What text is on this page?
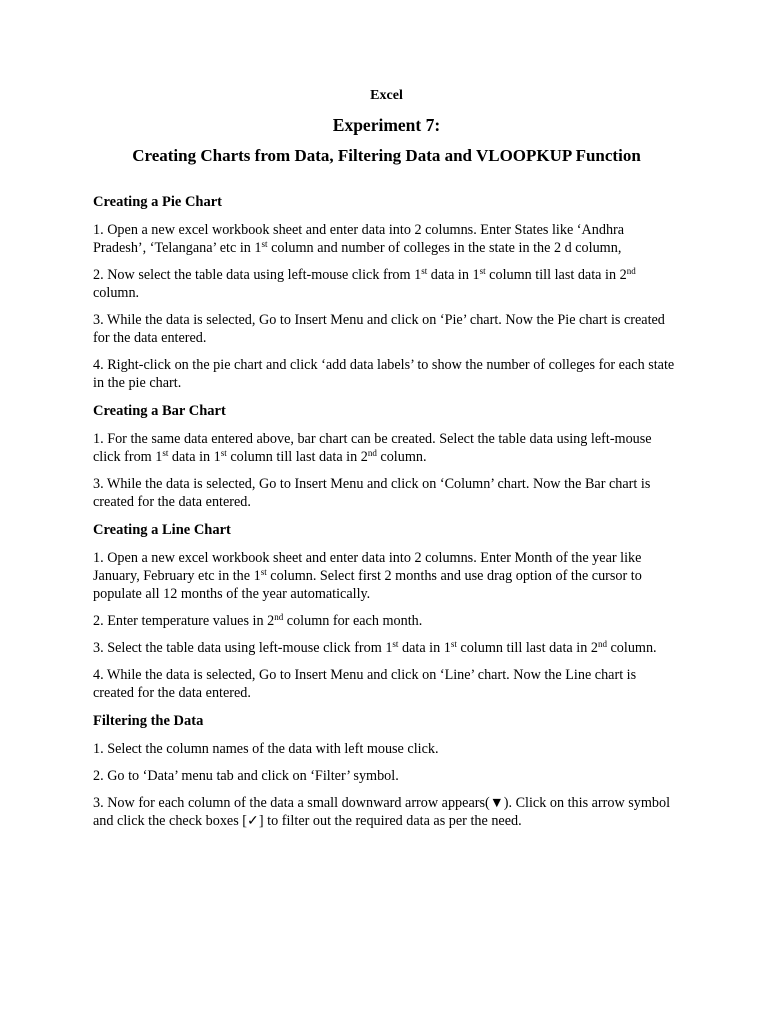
Excel

Experiment 7:

Creating Charts from Data, Filtering Data and VLOOPKUP Function

Creating a Pie Chart

1. Open a new excel workbook sheet and enter data into 2 columns. Enter States like ‘Andhra Pradesh’, ‘Telangana’ etc in 1st column and number of colleges in the state in the 2 d column,

2. Now select the table data using left-mouse click from 1st data in 1st column till last data in 2nd column.

3. While the data is selected, Go to Insert Menu and click on ‘Pie’ chart. Now the Pie chart is created for the data entered.

4. Right-click on the pie chart and click ‘add data labels’ to show the number of colleges for each state in the pie chart.

Creating a Bar Chart

1. For the same data entered above, bar chart can be created. Select the table data using left-mouse click from 1st data in 1st column till last data in 2nd column.

3. While the data is selected, Go to Insert Menu and click on ‘Column’ chart. Now the Bar chart is created for the data entered.

Creating a Line Chart

1. Open a new excel workbook sheet and enter data into 2 columns. Enter Month of the year like January, February etc in the 1st column. Select first 2 months and use drag option of the cursor to populate all 12 months of the year automatically.

2. Enter temperature values in 2nd column for each month.

3. Select the table data using left-mouse click from 1st data in 1st column till last data in 2nd column.

4. While the data is selected, Go to Insert Menu and click on ‘Line’ chart. Now the Line chart is created for the data entered.

Filtering the Data

1. Select the column names of the data with left mouse click.

2. Go to ‘Data’ menu tab and click on ‘Filter’ symbol.

3. Now for each column of the data a small downward arrow appears(▼). Click on this arrow symbol and click the check boxes [✓] to filter out the required data as per the need.
